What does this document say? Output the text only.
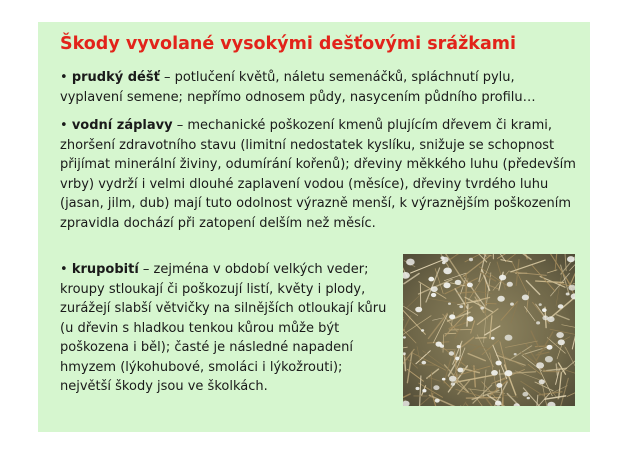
Škody vyvolané vysokými dešťovými srážkami

• prudký déšť – potlučení květů, náletu semenáčků, spláchnutí pylu, vyplavení semene; nepřímo odnosem půdy, nasycením půdního profilu…

• vodní záplavy – mechanické poškození kmenů plujícím dřevem či krami, zhoršení zdravotního stavu (limitní nedostatek kyslíku, snižuje se schopnost přijímat minerální živiny, odumírání kořenů); dřeviny měkkého luhu (především vrby) vydrží i velmi dlouhé zaplavení vodou (měsíce), dřeviny tvrdého luhu (jasan, jilm, dub) mají tuto odolnost výrazně menší, k výraznějším poškozením zpravidla dochází při zatopení delším než měsíc.

• krupobití – zejména v období velkých veder; kroupy stloukají či poškozují listí, květy i plody, zurážejí slabší větvičky na silnějších otloukají kůru (u dřevin s hladkou tenkou kůrou může být poškozena i běl); časté je následné napadení hmyzem (lýkohubové, smoláci i lýkožrouti); největší škody jsou ve školkách.
